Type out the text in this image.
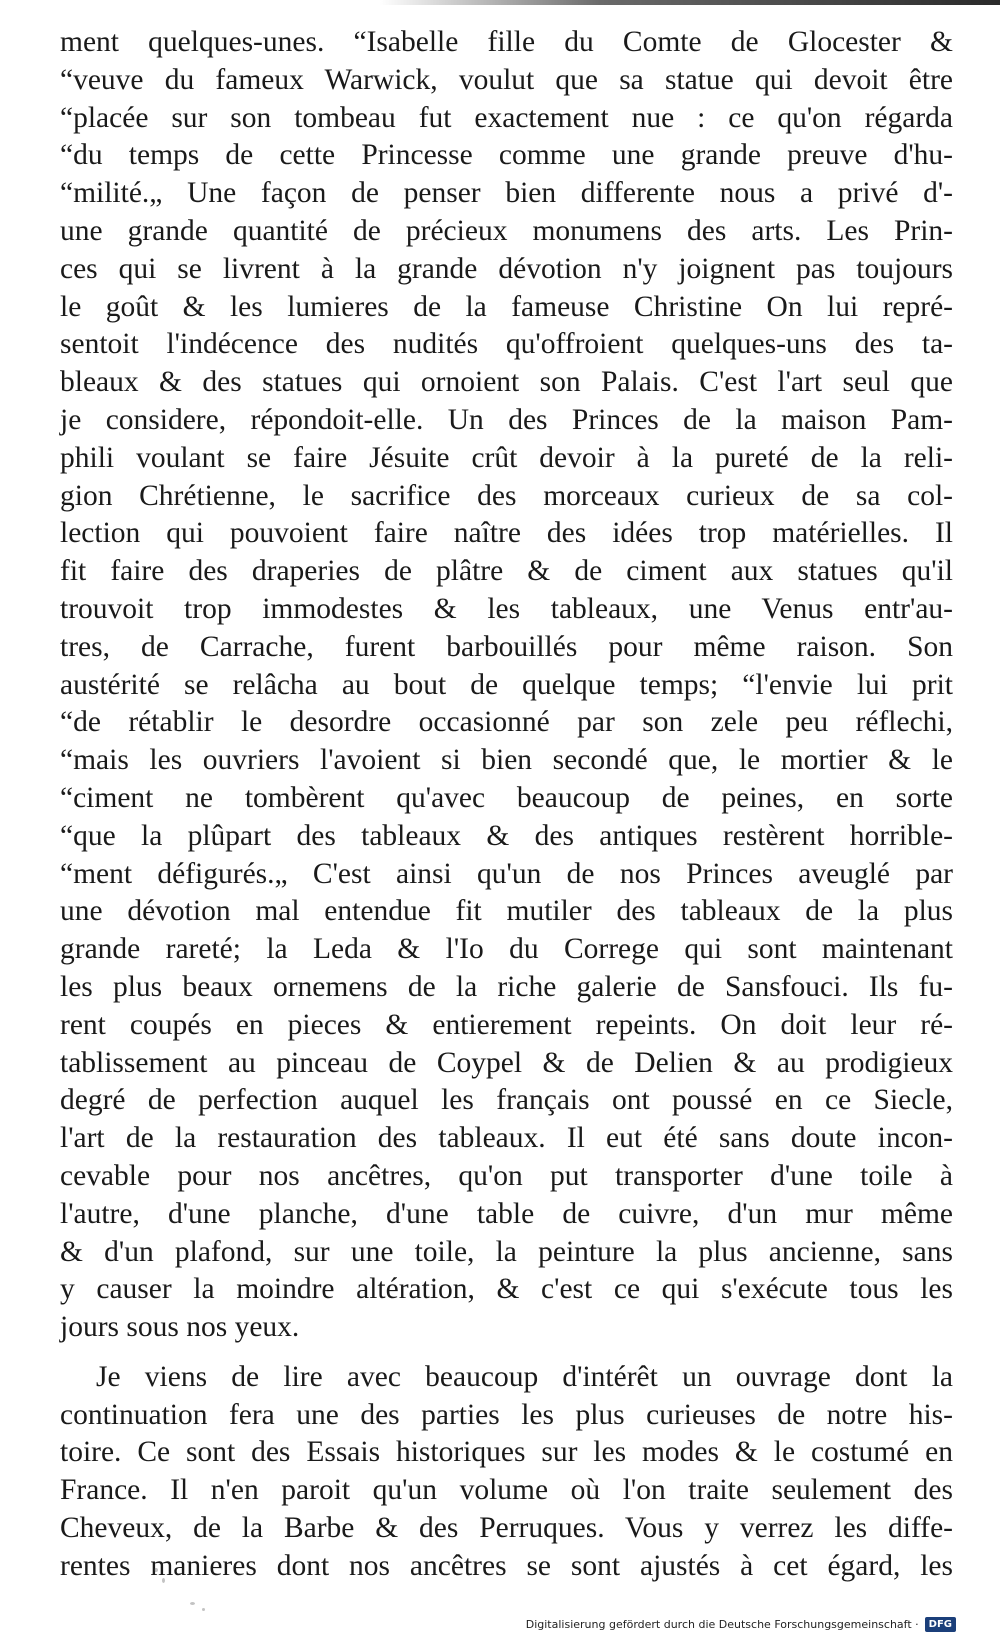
ment quelques-unes. “Isabelle fille du Comte de Glocester &
“veuve du fameux Warwick, voulut que sa statue qui devoit être
“placée sur son tombeau fut exactement nue : ce qu'on régarda
“du temps de cette Princesse comme une grande preuve d'hu-
“milité.„ Une façon de penser bien differente nous a privé d'-
une grande quantité de précieux monumens des arts. Les Prin-
ces qui se livrent à la grande dévotion n'y joignent pas toujours
le goût & les lumieres de la fameuse Christine On lui repré-
sentoit l'indécence des nudités qu'offroient quelques-uns des ta-
bleaux & des statues qui ornoient son Palais. C'est l'art seul que
je considere, répondoit-elle. Un des Princes de la maison Pam-
phili voulant se faire Jésuite crût devoir à la pureté de la reli-
gion Chrétienne, le sacrifice des morceaux curieux de sa col-
lection qui pouvoient faire naître des idées trop matérielles. Il
fit faire des draperies de plâtre & de ciment aux statues qu'il
trouvoit trop immodestes & les tableaux, une Venus entr'au-
tres, de Carrache, furent barbouillés pour même raison. Son
austérité se relâcha au bout de quelque temps; “l'envie lui prit
“de rétablir le desordre occasionné par son zele peu réflechi,
“mais les ouvriers l'avoient si bien secondé que, le mortier & le
“ciment ne tombèrent qu'avec beaucoup de peines, en sorte
“que la plûpart des tableaux & des antiques restèrent horrible-
“ment défigurés.„ C'est ainsi qu'un de nos Princes aveuglé par
une dévotion mal entendue fit mutiler des tableaux de la plus
grande rareté; la Leda & l'Io du Correge qui sont maintenant
les plus beaux ornemens de la riche galerie de Sansfouci. Ils fu-
rent coupés en pieces & entierement repeints. On doit leur ré-
tablissement au pinceau de Coypel & de Delien & au prodigieux
degré de perfection auquel les français ont poussé en ce Siecle,
l'art de la restauration des tableaux. Il eut été sans doute incon-
cevable pour nos ancêtres, qu'on put transporter d'une toile à
l'autre, d'une planche, d'une table de cuivre, d'un mur même
& d'un plafond, sur une toile, la peinture la plus ancienne, sans
y causer la moindre altération, & c'est ce qui s'exécute tous les
jours sous nos yeux.
Je viens de lire avec beaucoup d'intérêt un ouvrage dont la
continuation fera une des parties les plus curieuses de notre his-
toire. Ce sont des Essais historiques sur les modes & le costumé en
France. Il n'en paroit qu'un volume où l'on traite seulement des
Cheveux, de la Barbe & des Perruques. Vous y verrez les diffe-
rentes manieres dont nos ancêtres se sont ajustés à cet égard, les
Digitalisierung gefördert durch die Deutsche Forschungsgemeinschaft ·	DFG
